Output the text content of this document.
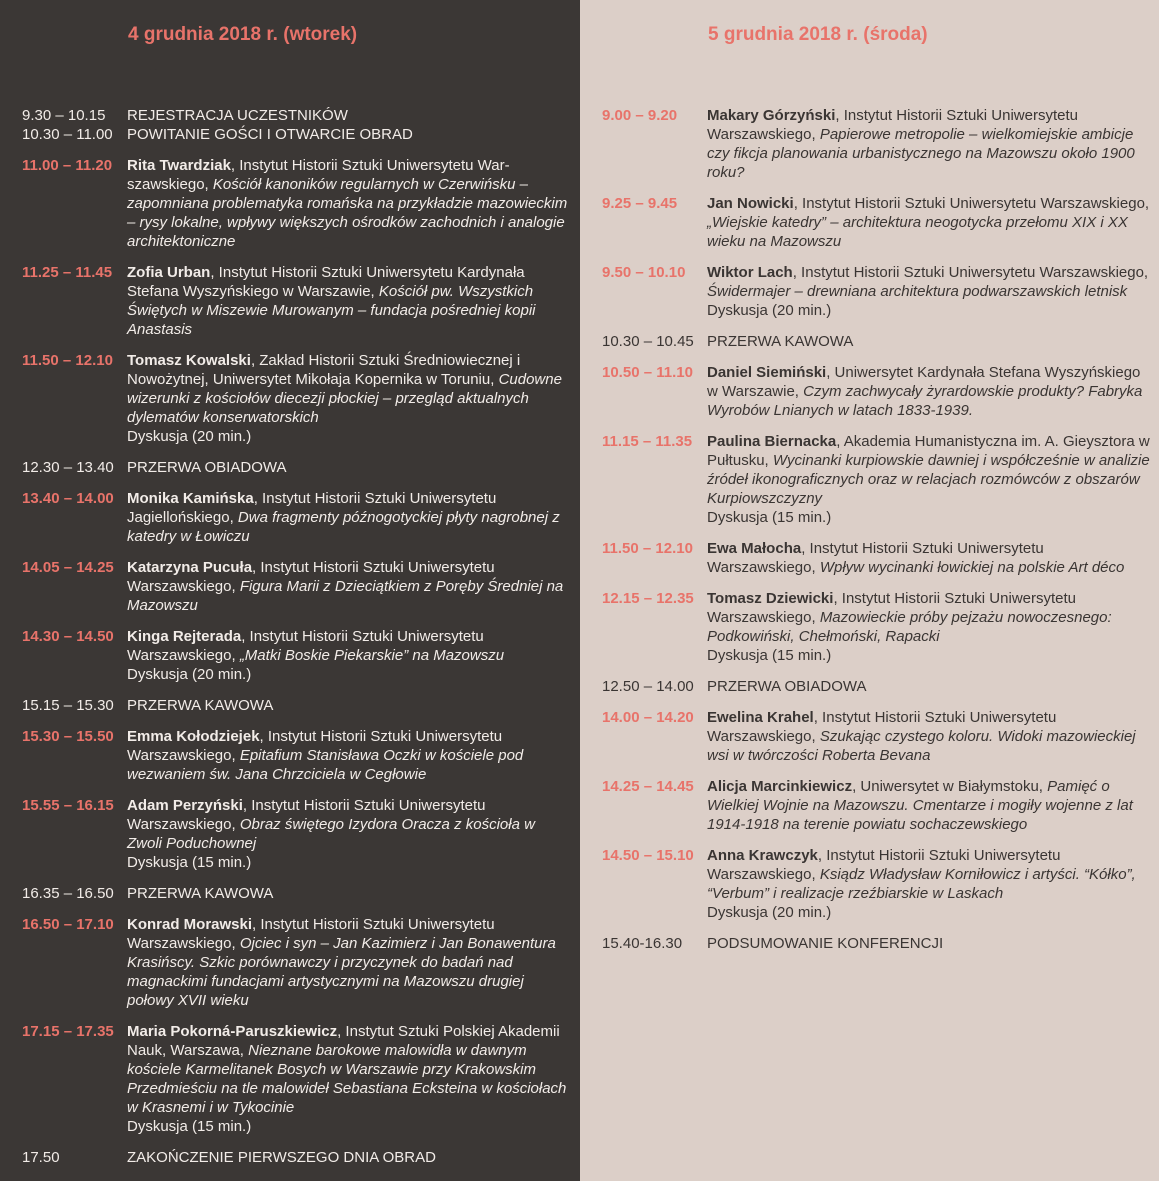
4 grudnia 2018 r. (wtorek)
9.30 – 10.15	REJESTRACJA UCZESTNIKÓW
10.30 – 11.00 POWITANIE GOŚCI I OTWARCIE OBRAD
11.00 – 11.20 Rita Twardziak, Instytut Historii Sztuki Uniwersytetu War-szawskiego, Kościół kanoników regularnych w Czerwińsku – zapomniana problematyka romańska na przykładzie mazowieckim – rysy lokalne, wpływy większych ośrodków zachodnich i analogie architektoniczne
11.25 – 11.45 Zofia Urban, Instytut Historii Sztuki Uniwersytetu Kardynała Stefana Wyszyńskiego w Warszawie, Kościół pw. Wszystkich Świętych w Miszewie Murowanym – fundacja pośredniej kopii Anastasis
11.50 – 12.10 Tomasz Kowalski, Zakład Historii Sztuki Średniowiecznej i Nowożytnej, Uniwersytet Mikołaja Kopernika w Toruniu, Cudowne wizerunki z kościołów diecezji płockiej – przegląd aktualnych dylematów konserwatorskich
Dyskusja (20 min.)
12.30 – 13.40 PRZERWA OBIADOWA
13.40 – 14.00 Monika Kamińska, Instytut Historii Sztuki Uniwersytetu Jagiellońskiego, Dwa fragmenty późnogotyckiej płyty nagrobnej z katedry w Łowiczu
14.05 – 14.25 Katarzyna Pucuła, Instytut Historii Sztuki Uniwersytetu Warszawskiego, Figura Marii z Dzieciątkiem z Poręby Średniej na Mazowszu
14.30 – 14.50 Kinga Rejterada, Instytut Historii Sztuki Uniwersytetu Warszawskiego, „Matki Boskie Piekarskie” na Mazowszu
Dyskusja (20 min.)
15.15 – 15.30 PRZERWA KAWOWA
15.30 – 15.50 Emma Kołodziejek, Instytut Historii Sztuki Uniwersytetu Warszawskiego, Epitafium Stanisława Oczki w kościele pod wezwaniem św. Jana Chrzciciela w Cegłowie
15.55 – 16.15 Adam Perzyński, Instytut Historii Sztuki Uniwersytetu Warszawskiego, Obraz świętego Izydora Oracza z kościoła w Zwoli Poduchownej
Dyskusja (15 min.)
16.35 – 16.50 PRZERWA KAWOWA
16.50 – 17.10 Konrad Morawski, Instytut Historii Sztuki Uniwersytetu Warszawskiego, Ojciec i syn – Jan Kazimierz i Jan Bonawentura Krasińscy. Szkic porównawczy i przyczynek do badań nad magnackimi fundacjami artystycznymi na Mazowszu drugiej połowy XVII wieku
17.15 – 17.35 Maria Pokorná-Paruszkiewicz, Instytut Sztuki Polskiej Akademii Nauk, Warszawa, Nieznane barokowe malowidła w dawnym kościele Karmelitanek Bosych w Warszawie przy Krakowskim Przedmieściu na tle malowideł Sebastiana Ecksteina w kościołach w Krasnemi i w Tykocinie
Dyskusja (15 min.)
17.50	ZAKOŃCZENIE PIERWSZEGO DNIA OBRAD
5 grudnia 2018 r. (środa)
9.00 – 9.20	Makary Górzyński, Instytut Historii Sztuki Uniwersytetu Warszawskiego, Papierowe metropolie – wielkomiejskie ambicje czy fikcja planowania urbanistycznego na Mazowszu około 1900 roku?
9.25 – 9.45	Jan Nowicki, Instytut Historii Sztuki Uniwersytetu Warszawskiego, „Wiejskie katedry” – architektura neogotycka przełomu XIX i XX wieku na Mazowszu
9.50 – 10.10	Wiktor Lach, Instytut Historii Sztuki Uniwersytetu Warszawskiego, Świdermajer – drewniana architektura podwarszawskich letnisk
Dyskusja (20 min.)
10.30 – 10.45 PRZERWA KAWOWA
10.50 – 11.10 Daniel Siemiński, Uniwersytet Kardynała Stefana Wyszyńskiego w Warszawie, Czym zachwycały żyrardowskie produkty? Fabryka Wyrobów Lnianych w latach 1833-1939.
11.15 – 11.35 Paulina Biernacka, Akademia Humanistyczna im. A. Gieysztora w Pułtusku, Wycinanki kurpiowskie dawniej i współcześnie w analizie źródeł ikonograficznych oraz w relacjach rozmówców z obszarów Kurpiowszczyzny
Dyskusja (15 min.)
11.50 – 12.10 Ewa Małocha, Instytut Historii Sztuki Uniwersytetu Warszawskiego, Wpływ wycinanki łowickiej na polskie Art déco
12.15 – 12.35 Tomasz Dziewicki, Instytut Historii Sztuki Uniwersytetu Warszawskiego, Mazowieckie próby pejzażu nowoczesnego: Podkowiński, Chełmoński, Rapacki
Dyskusja (15 min.)
12.50 – 14.00 PRZERWA OBIADOWA
14.00 – 14.20 Ewelina Krahel, Instytut Historii Sztuki Uniwersytetu Warszawskiego, Szukając czystego koloru. Widoki mazowieckiej wsi w twórczości Roberta Bevana
14.25 – 14.45 Alicja Marcinkiewicz, Uniwersytet w Białymstoku, Pamięć o Wielkiej Wojnie na Mazowszu. Cmentarze i mogiły wojenne z lat 1914-1918 na terenie powiatu sochaczewskiego
14.50 – 15.10 Anna Krawczyk, Instytut Historii Sztuki Uniwersytetu Warszawskiego, Ksiądz Władysław Korniłowicz i artyści. “Kółko”, “Verbum” i realizacje rzeźbiarskie w Laskach
Dyskusja (20 min.)
15.40-16.30	PODSUMOWANIE KONFERENCJI
